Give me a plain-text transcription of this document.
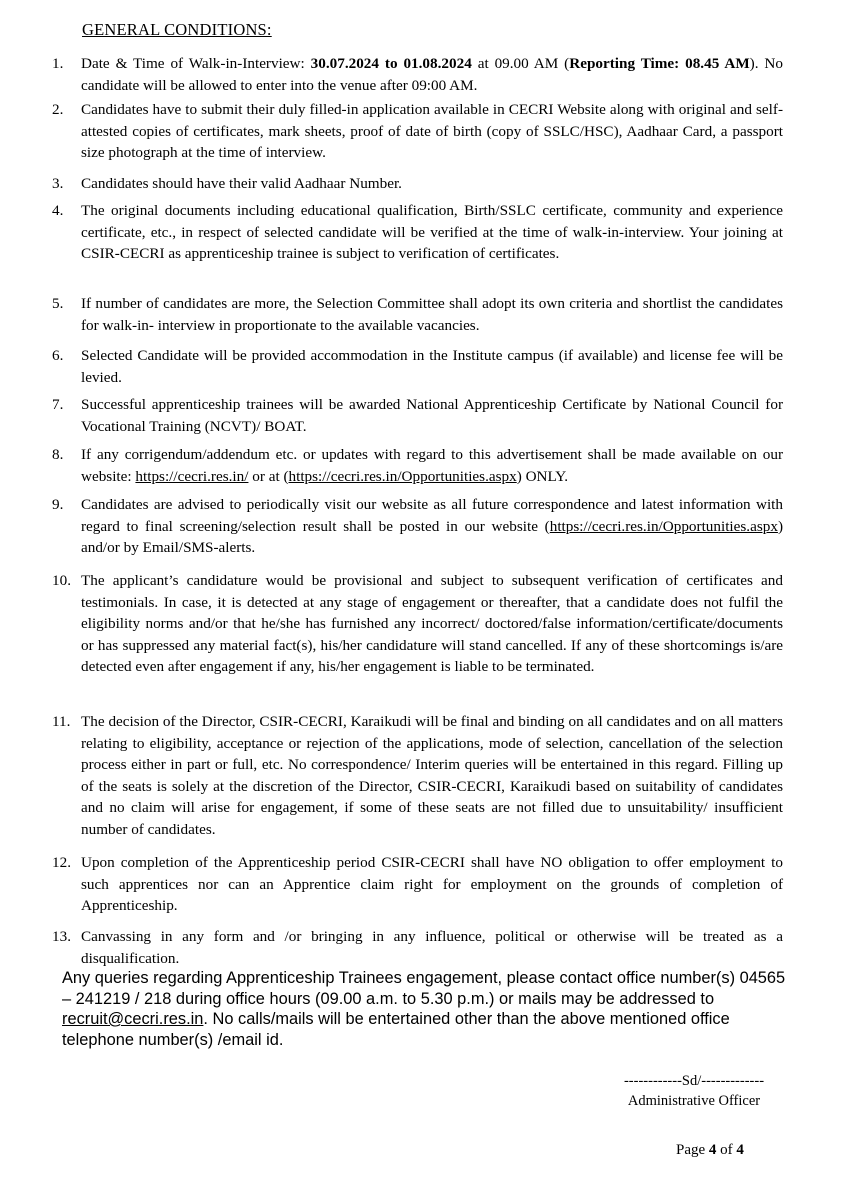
GENERAL CONDITIONS:
1.	Date & Time of Walk-in-Interview: 30.07.2024 to 01.08.2024 at 09.00 AM (Reporting Time: 08.45 AM). No candidate will be allowed to enter into the venue after 09:00 AM.
2.	Candidates have to submit their duly filled-in application available in CECRI Website along with original and self-attested copies of certificates, mark sheets, proof of date of birth (copy of SSLC/HSC), Aadhaar Card, a passport size photograph at the time of interview.
3.	Candidates should have their valid Aadhaar Number.
4.	The original documents including educational qualification, Birth/SSLC certificate, community and experience certificate, etc., in respect of selected candidate will be verified at the time of walk-in-interview. Your joining at CSIR-CECRI as apprenticeship trainee is subject to verification of certificates.
5.	If number of candidates are more, the Selection Committee shall adopt its own criteria and shortlist the candidates for walk-in- interview in proportionate to the available vacancies.
6.	Selected Candidate will be provided accommodation in the Institute campus (if available) and license fee will be levied.
7.	Successful apprenticeship trainees will be awarded National Apprenticeship Certificate by National Council for Vocational Training (NCVT)/ BOAT.
8.	If any corrigendum/addendum etc. or updates with regard to this advertisement shall be made available on our website: https://cecri.res.in/ or at (https://cecri.res.in/Opportunities.aspx) ONLY.
9.	Candidates are advised to periodically visit our website as all future correspondence and latest information with regard to final screening/selection result shall be posted in our website (https://cecri.res.in/Opportunities.aspx) and/or by Email/SMS-alerts.
10. The applicant’s candidature would be provisional and subject to subsequent verification of certificates and testimonials. In case, it is detected at any stage of engagement or thereafter, that a candidate does not fulfil the eligibility norms and/or that he/she has furnished any incorrect/ doctored/false information/certificate/documents or has suppressed any material fact(s), his/her candidature will stand cancelled. If any of these shortcomings is/are detected even after engagement if any, his/her engagement is liable to be terminated.
11. The decision of the Director, CSIR-CECRI, Karaikudi will be final and binding on all candidates and on all matters relating to eligibility, acceptance or rejection of the applications, mode of selection, cancellation of the selection process either in part or full, etc. No correspondence/ Interim queries will be entertained in this regard. Filling up of the seats is solely at the discretion of the Director, CSIR-CECRI, Karaikudi based on suitability of candidates and no claim will arise for engagement, if some of these seats are not filled due to unsuitability/ insufficient number of candidates.
12. Upon completion of the Apprenticeship period CSIR-CECRI shall have NO obligation to offer employment to such apprentices nor can an Apprentice claim right for employment on the grounds of completion of Apprenticeship.
13. Canvassing in any form and /or bringing in any influence, political or otherwise will be treated as a disqualification.
Any queries regarding Apprenticeship Trainees engagement, please contact office number(s) 04565 – 241219 / 218 during office hours (09.00 a.m. to 5.30 p.m.) or mails may be addressed to recruit@cecri.res.in. No calls/mails will be entertained other than the above mentioned office telephone number(s) /email id.
------------Sd/-------------
Administrative Officer
Page 4 of 4
